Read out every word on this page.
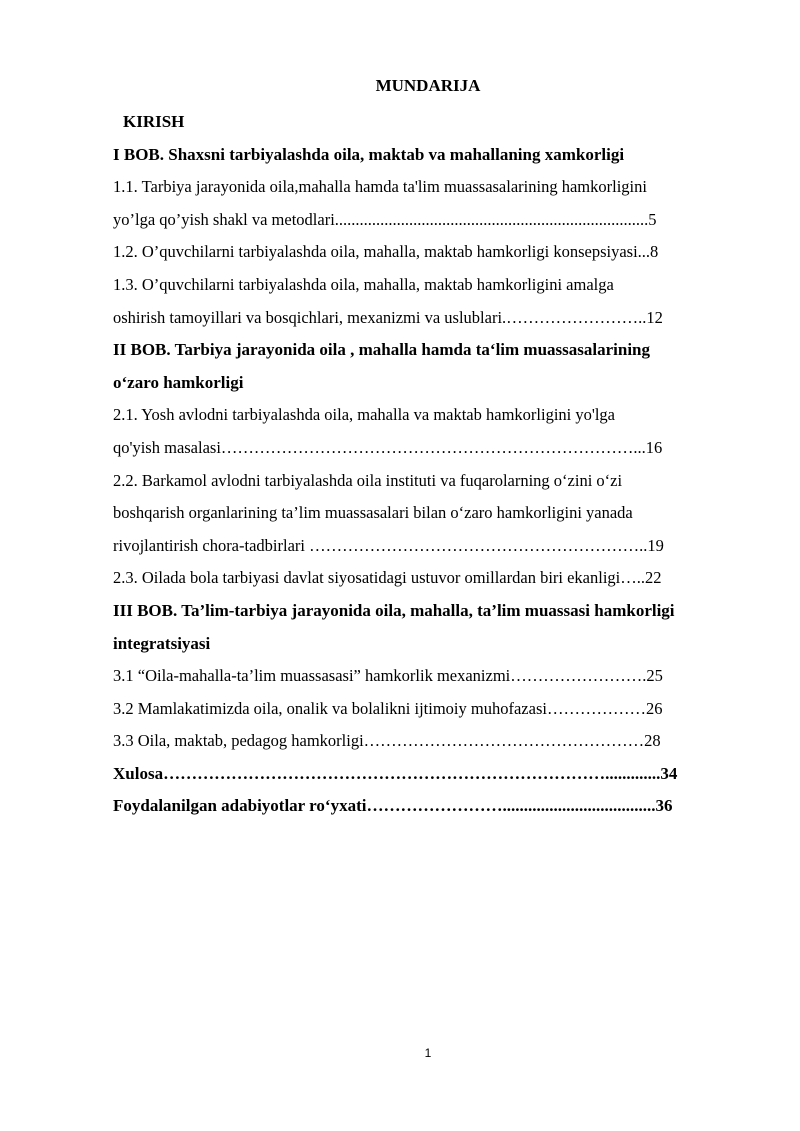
MUNDARIJA
KIRISH
I BOB. Shaxsni tarbiyalashda oila, maktab va mahallaning xamkorligi
1.1. Tarbiya jarayonida oila,mahalla hamda ta'lim muassasalarining hamkorligini
yo’lga qo’yish shakl va metodlari............................................................................5
1.2. O’quvchilarni tarbiyalashda oila, mahalla, maktab hamkorligi konsepsiyasi...8
1.3. O’quvchilarni tarbiyalashda oila, mahalla, maktab hamkorligini amalga
oshirish tamoyillari va bosqichlari, mexanizmi va uslublari.……………………..12
II BOB. Tarbiya jarayonida oila , mahalla hamda ta‘lim muassasalarining
o‘zaro hamkorligi
2.1. Yosh avlodni tarbiyalashda oila, mahalla va maktab hamkorligini yo'lga
qo'yish masalasi…………………………………………………………………...16
2.2. Barkamol avlodni tarbiyalashda oila instituti va fuqarolarning o‘zini o‘zi
boshqarish organlarining ta’lim muassasalari bilan o‘zaro hamkorligini yanada
rivojlantirish chora-tadbirlari ……………………………………………………..19
2.3. Oilada bola tarbiyasi davlat siyosatidagi ustuvor omillardan biri ekanligi…..22
III BOB. Ta’lim-tarbiya jarayonida oila, mahalla, ta’lim muassasi hamkorligi
integratsiyasi
3.1 “Oila-mahalla-ta’lim muassasasi” hamkorlik mexanizmi…………………….25
3.2 Mamlakatimizda oila, onalik va bolalikni ijtimoiy muhofazasi………………26
3.3 Oila, maktab, pedagog hamkorligi……………………………………………28
Xulosa…………………………………………………………………….............34
Foydalanilgan adabiyotlar ro‘yxati……………………....................................36
1
